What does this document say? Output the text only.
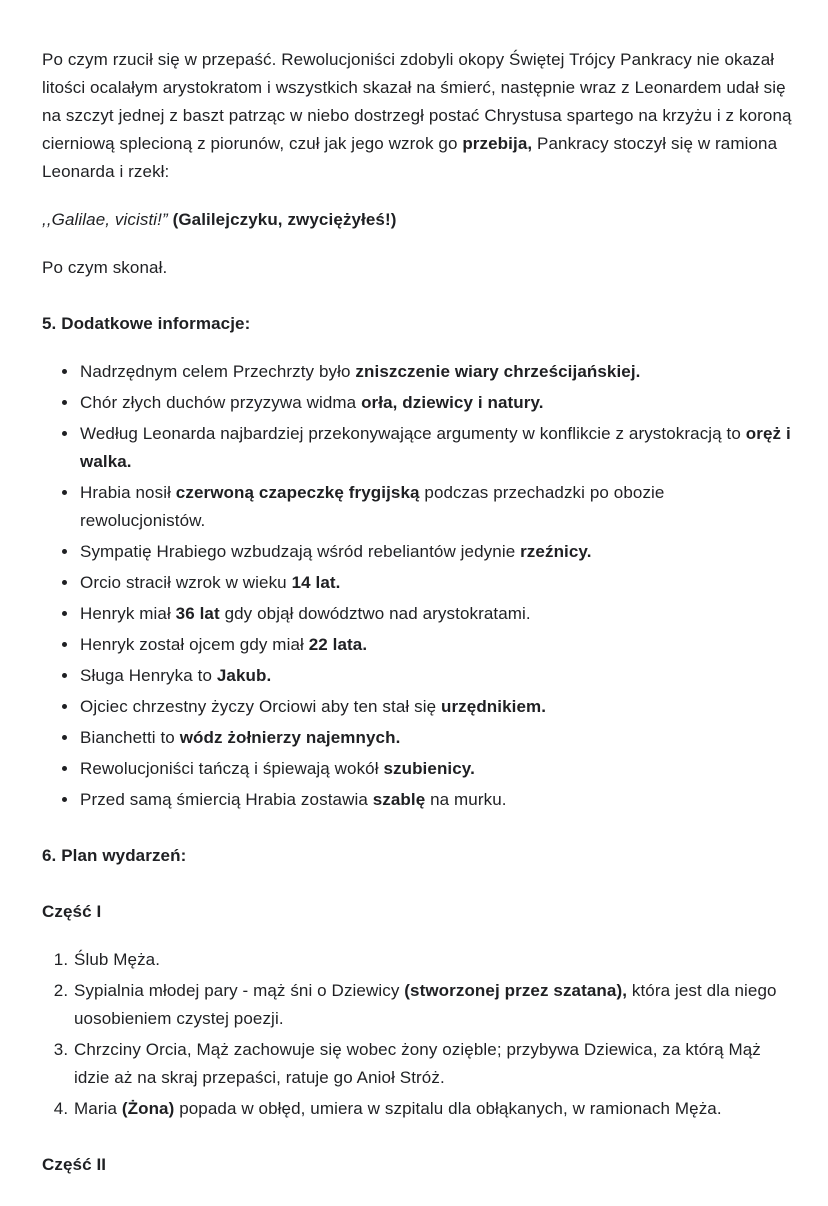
Po czym rzucił się w przepaść. Rewolucjoniści zdobyli okopy Świętej Trójcy Pankracy nie okazał litości ocalałym arystokratom i wszystkich skazał na śmierć, następnie wraz z Leonardem udał się na szczyt jednej z baszt patrząc w niebo dostrzegł postać Chrystusa spartego na krzyżu i z koroną cierniową splecioną z piorunów, czuł jak jego wzrok go przebija, Pankracy stoczył się w ramiona Leonarda i rzekł:

,,Galilae, vicisti!” (Galilejczyku, zwyciężyłeś!)

Po czym skonał.

5. Dodatkowe informacje:

• Nadrzędnym celem Przechrzty było zniszczenie wiary chrześcijańskiej.
• Chór złych duchów przyzywa widma orła, dziewicy i natury.
• Według Leonarda najbardziej przekonywające argumenty w konflikcie z arystokracją to oręż i walka.
• Hrabia nosił czerwoną czapeczkę frygijską podczas przechadzki po obozie rewolucjonistów.
• Sympatię Hrabiego wzbudzają wśród rebeliantów jedynie rzeźnicy.
• Orcio stracił wzrok w wieku 14 lat.
• Henryk miał 36 lat gdy objął dowództwo nad arystokratami.
• Henryk został ojcem gdy miał 22 lata.
• Sługa Henryka to Jakub.
• Ojciec chrzestny życzy Orciowi aby ten stał się urzędnikiem.
• Bianchetti to wódz żołnierzy najemnych.
• Rewolucjoniści tańczą i śpiewają wokół szubienicy.
• Przed samą śmiercią Hrabia zostawia szablę na murku.

6. Plan wydarzeń:

Część I

1. Ślub Męża.
2. Sypialnia młodej pary - mąż śni o Dziewicy (stworzonej przez szatana), która jest dla niego uosobieniem czystej poezji.
3. Chrzciny Orcia, Mąż zachowuje się wobec żony ozięble; przybywa Dziewica, za którą Mąż idzie aż na skraj przepaści, ratuje go Anioł Stróż.
4. Maria (Żona) popada w obłęd, umiera w szpitalu dla obłąkanych, w ramionach Męża.

Część II
